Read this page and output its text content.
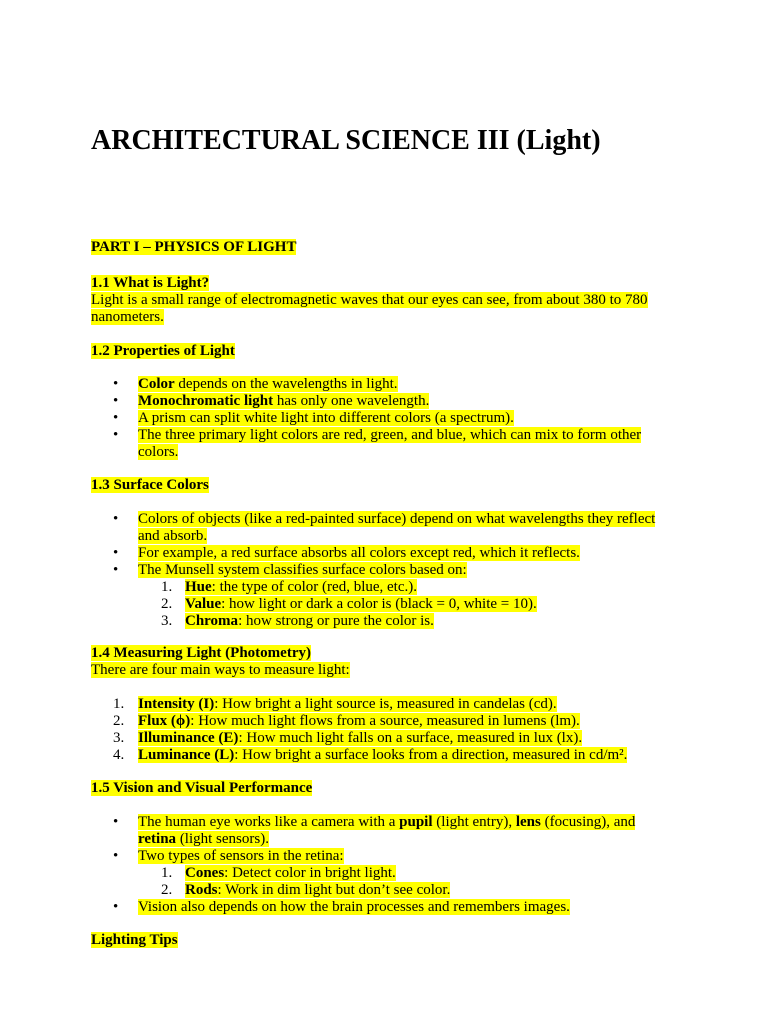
ARCHITECTURAL SCIENCE III (Light)
PART I – PHYSICS OF LIGHT
1.1 What is Light?
Light is a small range of electromagnetic waves that our eyes can see, from about 380 to 780
nanometers.
1.2 Properties of Light
• Color depends on the wavelengths in light.
• Monochromatic light has only one wavelength.
• A prism can split white light into different colors (a spectrum).
• The three primary light colors are red, green, and blue, which can mix to form other
colors.
1.3 Surface Colors
• Colors of objects (like a red-painted surface) depend on what wavelengths they reflect
and absorb.
• For example, a red surface absorbs all colors except red, which it reflects.
• The Munsell system classifies surface colors based on:
1. Hue: the type of color (red, blue, etc.).
2. Value: how light or dark a color is (black = 0, white = 10).
3. Chroma: how strong or pure the color is.
1.4 Measuring Light (Photometry)
There are four main ways to measure light:
1. Intensity (I): How bright a light source is, measured in candelas (cd).
2. Flux (ϕ): How much light flows from a source, measured in lumens (lm).
3. Illuminance (E): How much light falls on a surface, measured in lux (lx).
4. Luminance (L): How bright a surface looks from a direction, measured in cd/m².
1.5 Vision and Visual Performance
• The human eye works like a camera with a pupil (light entry), lens (focusing), and
retina (light sensors).
• Two types of sensors in the retina:
1. Cones: Detect color in bright light.
2. Rods: Work in dim light but don’t see color.
• Vision also depends on how the brain processes and remembers images.
Lighting Tips
